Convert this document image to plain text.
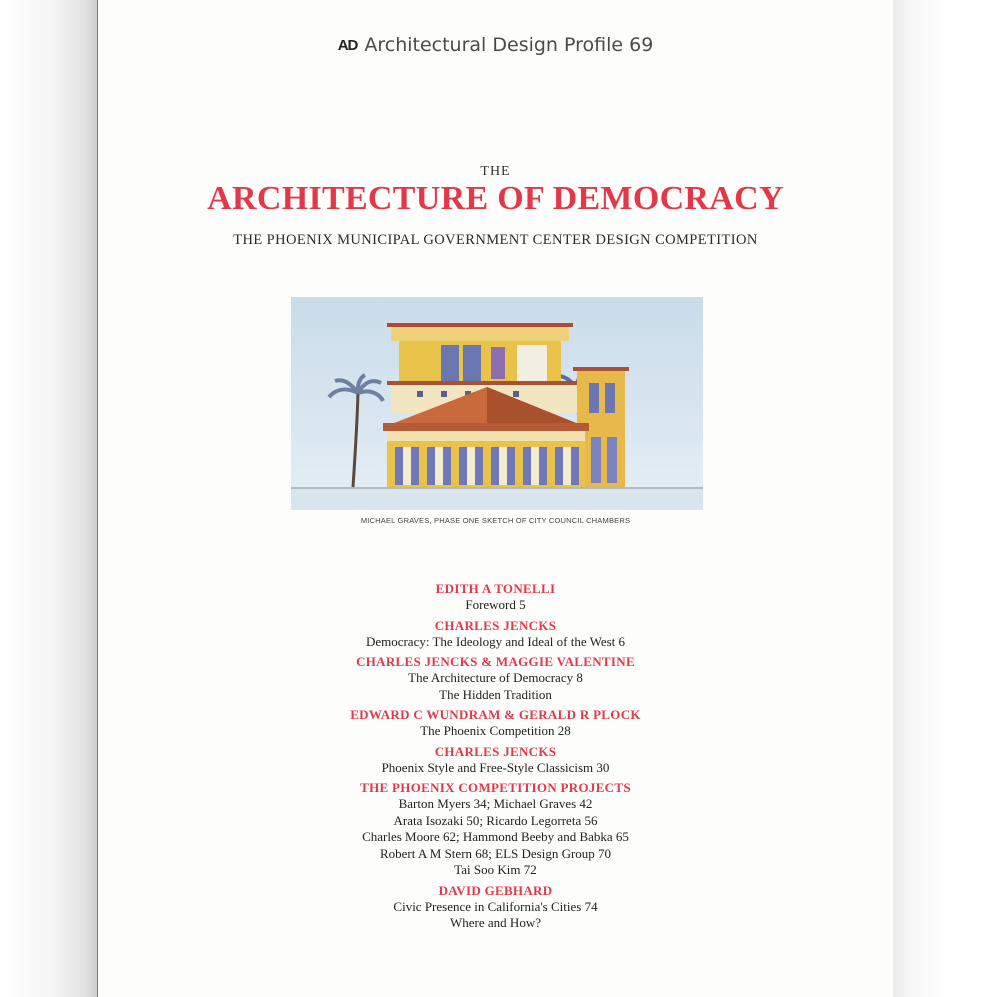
AD Architectural Design Profile 69
THE
ARCHITECTURE OF DEMOCRACY
THE PHOENIX MUNICIPAL GOVERNMENT CENTER DESIGN COMPETITION
MICHAEL GRAVES, PHASE ONE SKETCH OF CITY COUNCIL CHAMBERS
EDITH A TONELLI
Foreword 5
CHARLES JENCKS
Democracy: The Ideology and Ideal of the West 6
CHARLES JENCKS & MAGGIE VALENTINE
The Architecture of Democracy 8
The Hidden Tradition
EDWARD C WUNDRAM & GERALD R PLOCK
The Phoenix Competition 28
CHARLES JENCKS
Phoenix Style and Free-Style Classicism 30
THE PHOENIX COMPETITION PROJECTS
Barton Myers 34; Michael Graves 42
Arata Isozaki 50; Ricardo Legorreta 56
Charles Moore 62; Hammond Beeby and Babka 65
Robert A M Stern 68; ELS Design Group 70
Tai Soo Kim 72
DAVID GEBHARD
Civic Presence in California's Cities 74
Where and How?
